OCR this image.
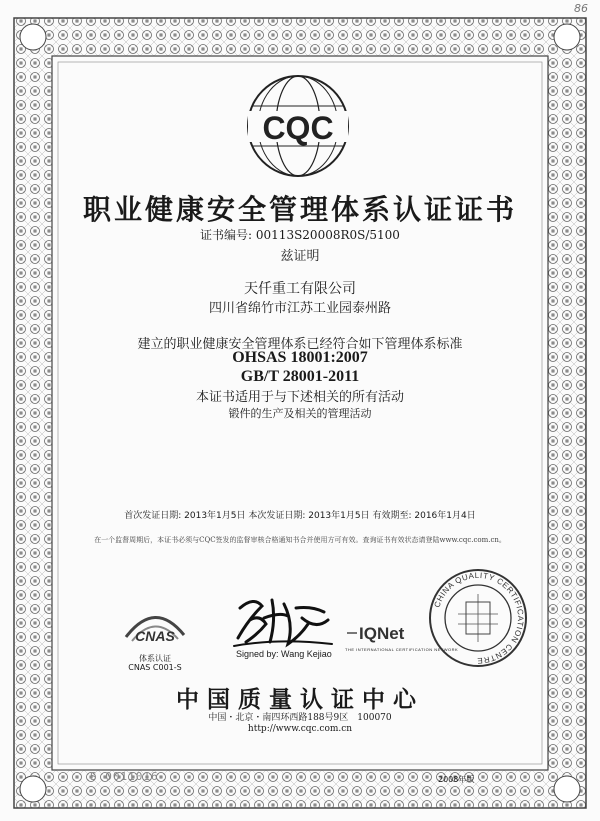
86
CQC
职业健康安全管理体系认证证书
证书编号: 00113S20008R0S/5100
兹证明
天仟重工有限公司
四川省绵竹市江苏工业园泰州路
建立的职业健康安全管理体系已经符合如下管理体系标准
OHSAS 18001:2007
GB/T 28001-2011
本证书适用于与下述相关的所有活动
锻件的生产及相关的管理活动
首次发证日期: 2013年1月5日 本次发证日期: 2013年1月5日 有效期至: 2016年1月4日
在一个监督周期后，本证书必须与CQC签发的监督审核合格通知书合并使用方可有效。查询证书有效状态请登陆www.cqc.com.cn。
CNAS
体系认证
CNAS C001-S
Signed by: Wang Kejiao
IQNet
THE INTERNATIONAL CERTIFICATION NETWORK
CHINA QUALITY CERTIFICATION CENTRE
中国质量认证中心
中国・北京・南四环西路188号9区　100070
http://www.cqc.com.cn
S 0011016	2008年版
